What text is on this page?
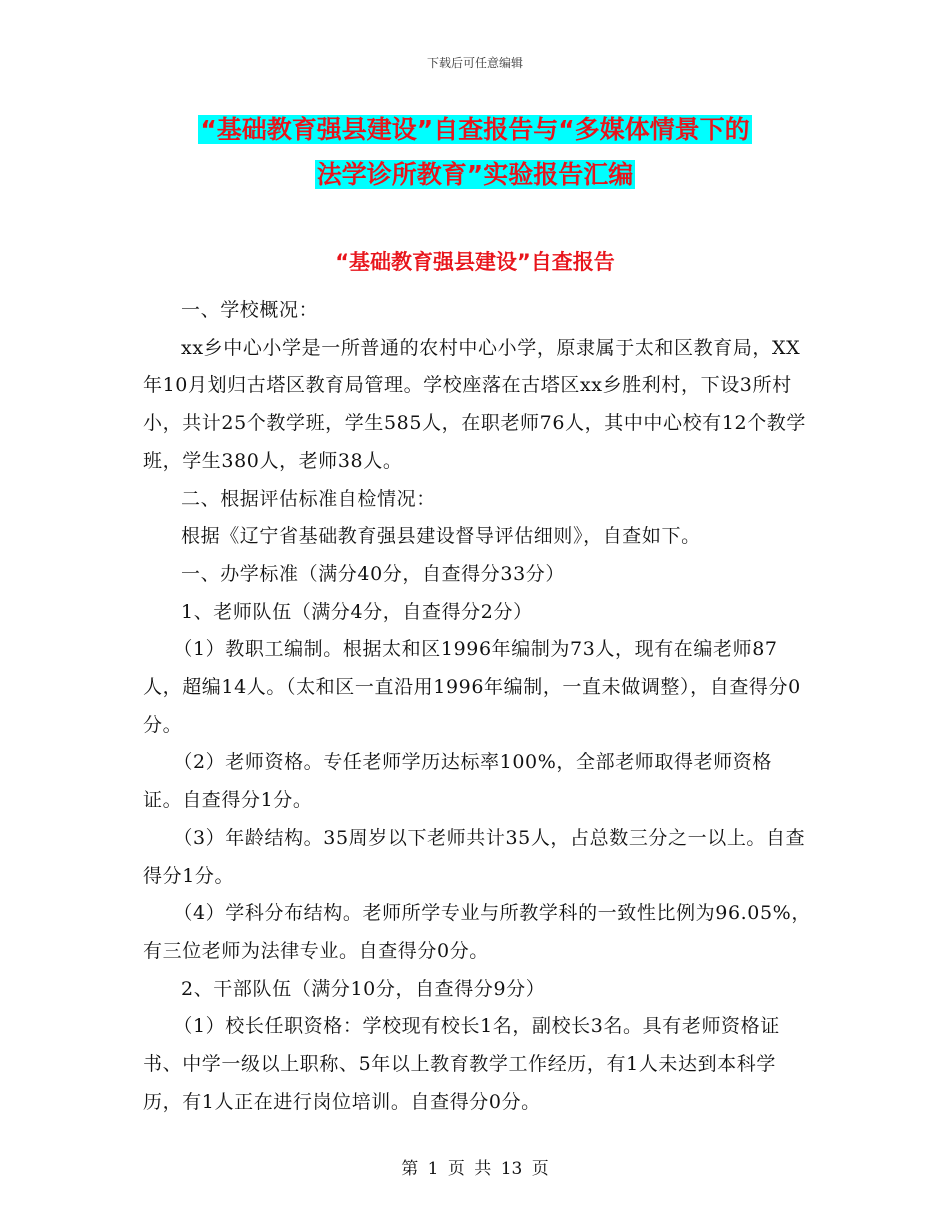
下载后可任意编辑
“基础教育强县建设”自查报告与“多媒体情景下的
法学诊所教育”实验报告汇编
“基础教育强县建设”自查报告

一、学校概况：

xx乡中心小学是一所普通的农村中心小学，原隶属于太和区教育局，XX年10月划归古塔区教育局管理。学校座落在古塔区xx乡胜利村，下设3所村小，共计25个教学班，学生585人，在职老师76人，其中中心校有12个教学班，学生380人，老师38人。

二、根据评估标准自检情况：

根据《辽宁省基础教育强县建设督导评估细则》，自查如下。

一、办学标准（满分40分，自查得分33分）

1、老师队伍（满分4分，自查得分2分）

（1）教职工编制。根据太和区1996年编制为73人，现有在编老师87人，超编14人。（太和区一直沿用1996年编制，一直未做调整），自查得分0分。

（2）老师资格。专任老师学历达标率100%，全部老师取得老师资格证。自查得分1分。

（3）年龄结构。35周岁以下老师共计35人，占总数三分之一以上。自查得分1分。

（4）学科分布结构。老师所学专业与所教学科的一致性比例为96.05%，有三位老师为法律专业。自查得分0分。

2、干部队伍（满分10分，自查得分9分）

（1）校长任职资格：学校现有校长1名，副校长3名。具有老师资格证书、中学一级以上职称、5年以上教育教学工作经历，有1人未达到本科学历，有1人正在进行岗位培训。自查得分0分。

第 1 页 共 13 页
